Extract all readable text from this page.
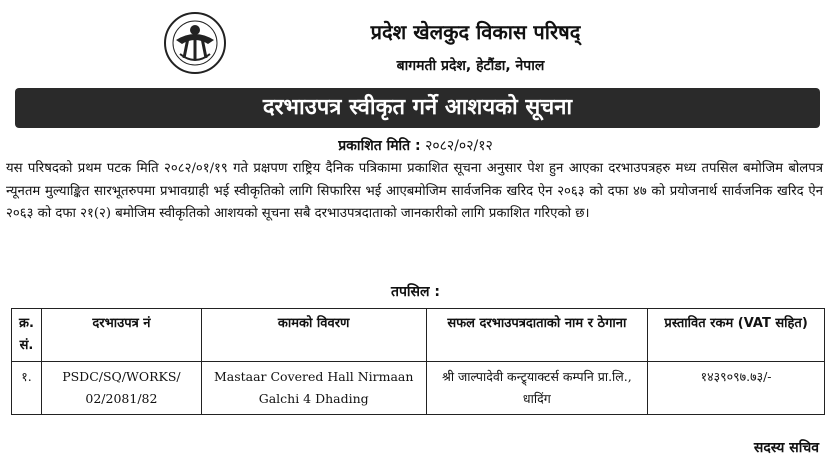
प्रदेश खेलकुद विकास परिषद्
बागमती प्रदेश, हेटौंडा, नेपाल
दरभाउपत्र स्वीकृत गर्ने आशयको सूचना
प्रकाशित मिति : २०८२/०२/१२
यस परिषदको प्रथम पटक मिति २०८२/०१/१९ गते प्रक्षपण राष्ट्रिय दैनिक पत्रिकामा प्रकाशित सूचना अनुसार पेश हुन आएका दरभाउपत्रहरु मध्य तपसिल बमोजिम बोलपत्र न्यूनतम मुल्याङ्कित सारभूतरुपमा प्रभावग्राही भई स्वीकृतिको लागि सिफारिस भई आएबमोजिम सार्वजनिक खरिद ऐन २०६३ को दफा ४७ को प्रयोजनार्थ सार्वजनिक खरिद ऐन २०६३ को दफा २१(२) बमोजिम स्वीकृतिको आशयको सूचना सबै दरभाउपत्रदाताको जानकारीको लागि प्रकाशित गरिएको छ।
तपसिल :
क्र. सं.	दरभाउपत्र नं	कामको विवरण	सफल दरभाउपत्रदाताको नाम र ठेगाना	प्रस्तावित रकम (VAT सहित)
१.	PSDC/SQ/WORKS/ 02/2081/82	Mastaar Covered Hall Nirmaan Galchi 4 Dhading	श्री जाल्पादेवी कन्ट्र्याक्टर्स कम्पनि प्रा.लि., धादिंग	१४३९०९७.७३/-
सदस्य सचिव
